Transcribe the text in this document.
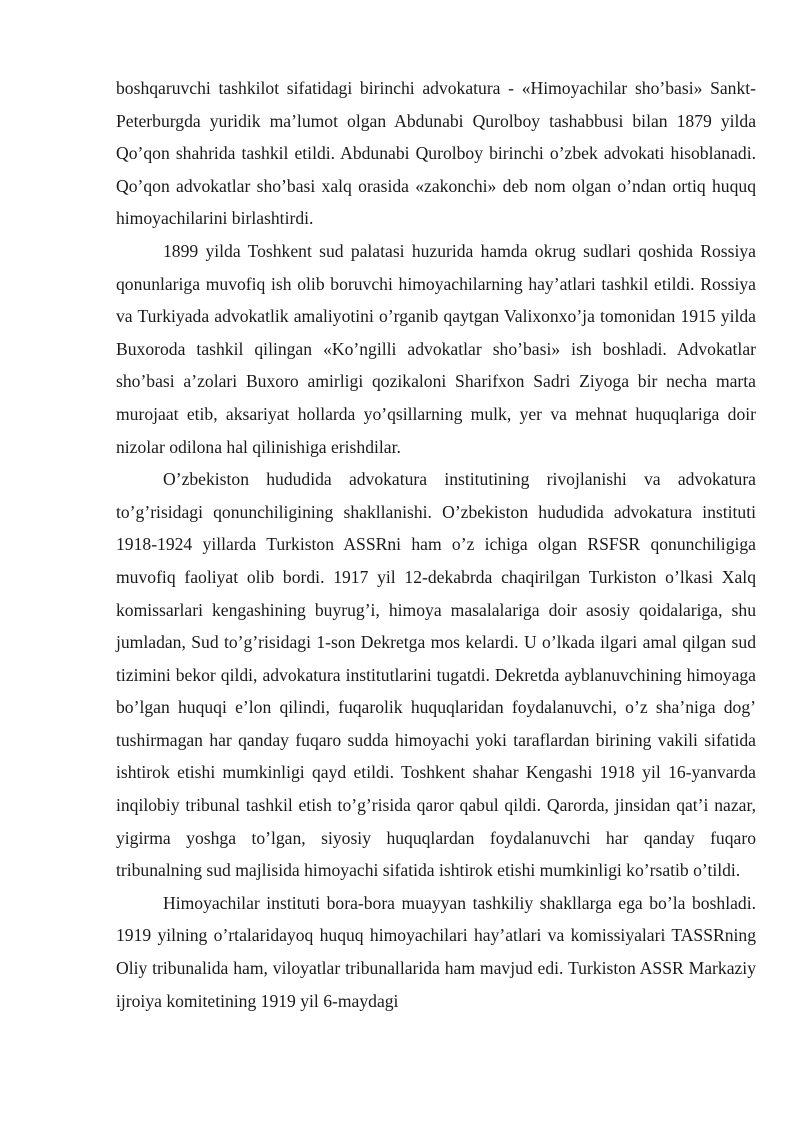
boshqaruvchi tashkilot sifatidagi birinchi advokatura - «Himoyachilar sho’basi» Sankt-Peterburgda yuridik ma’lumot olgan Abdunabi Qurolboy tashabbusi bilan 1879 yilda Qo’qon shahrida tashkil etildi. Abdunabi Qurolboy birinchi o’zbek advokati hisoblanadi. Qo’qon advokatlar sho’basi xalq orasida «zakonchi» deb nom olgan o’ndan ortiq huquq himoyachilarini birlashtirdi.

1899 yilda Toshkent sud palatasi huzurida hamda okrug sudlari qoshida Rossiya qonunlariga muvofiq ish olib boruvchi himoyachilarning hay’atlari tashkil etildi. Rossiya va Turkiyada advokatlik amaliyotini o’rganib qaytgan Valixonxo’ja tomonidan 1915 yilda Buxoroda tashkil qilingan «Ko’ngilli advokatlar sho’basi» ish boshladi. Advokatlar sho’basi a’zolari Buxoro amirligi qozikaloni Sharifxon Sadri Ziyoga bir necha marta murojaat etib, aksariyat hollarda yo’qsillarning mulk, yer va mehnat huquqlariga doir nizolar odilona hal qilinishiga erishdilar.

O’zbekiston hududida advokatura institutining rivojlanishi va advokatura to’g’risidagi qonunchiligining shakllanishi. O’zbekiston hududida advokatura instituti 1918-1924 yillarda Turkiston ASSRni ham o’z ichiga olgan RSFSR qonunchiligiga muvofiq faoliyat olib bordi. 1917 yil 12-dekabrda chaqirilgan Turkiston o’lkasi Xalq komissarlari kengashining buyrug’i, himoya masalalariga doir asosiy qoidalariga, shu jumladan, Sud to’g’risidagi 1-son Dekretga mos kelardi. U o’lkada ilgari amal qilgan sud tizimini bekor qildi, advokatura institutlarini tugatdi. Dekretda ayblanuvchining himoyaga bo’lgan huquqi e’lon qilindi, fuqarolik huquqlaridan foydalanuvchi, o’z sha’niga dog’ tushirmagan har qanday fuqaro sudda himoyachi yoki taraflardan birining vakili sifatida ishtirok etishi mumkinligi qayd etildi. Toshkent shahar Kengashi 1918 yil 16-yanvarda inqilobiy tribunal tashkil etish to’g’risida qaror qabul qildi. Qarorda, jinsidan qat’i nazar, yigirma yoshga to’lgan, siyosiy huquqlardan foydalanuvchi har qanday fuqaro tribunalning sud majlisida himoyachi sifatida ishtirok etishi mumkinligi ko’rsatib o’tildi.

Himoyachilar instituti bora-bora muayyan tashkiliy shakllarga ega bo’la boshladi. 1919 yilning o’rtalaridayoq huquq himoyachilari hay’atlari va komissiyalari TASSRning Oliy tribunalida ham, viloyatlar tribunallarida ham mavjud edi. Turkiston ASSR Markaziy ijroiya komitetining 1919 yil 6-maydagi
